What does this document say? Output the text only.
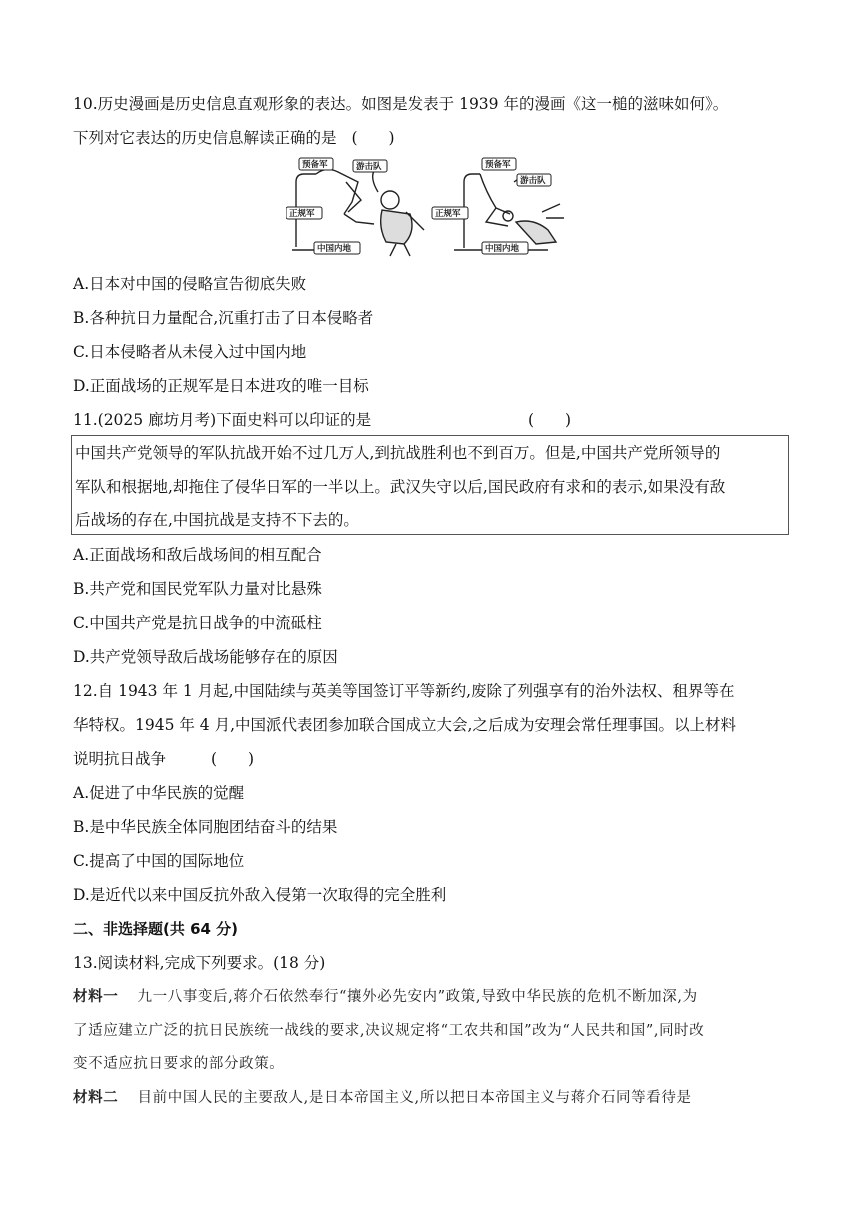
10.历史漫画是历史信息直观形象的表达。如图是发表于 1939 年的漫画《这一槌的滋味如何》。
下列对它表达的历史信息解读正确的是 (　　)
预备军	游击队
正规军
中国内地
预备军
游击队
正规军
中国内地
A.日本对中国的侵略宣告彻底失败
B.各种抗日力量配合,沉重打击了日本侵略者
C.日本侵略者从未侵入过中国内地
D.正面战场的正规军是日本进攻的唯一目标
11.(2025 廊坊月考)下面史料可以印证的是	(　　)
中国共产党领导的军队抗战开始不过几万人,到抗战胜利也不到百万。但是,中国共产党所领导的
军队和根据地,却拖住了侵华日军的一半以上。武汉失守以后,国民政府有求和的表示,如果没有敌
后战场的存在,中国抗战是支持不下去的。
A.正面战场和敌后战场间的相互配合
B.共产党和国民党军队力量对比悬殊
C.中国共产党是抗日战争的中流砥柱
D.共产党领导敌后战场能够存在的原因
12.自 1943 年 1 月起,中国陆续与英美等国签订平等新约,废除了列强享有的治外法权、租界等在
华特权。1945 年 4 月,中国派代表团参加联合国成立大会,之后成为安理会常任理事国。以上材料
说明抗日战争	(　　)
A.促进了中华民族的觉醒
B.是中华民族全体同胞团结奋斗的结果
C.提高了中国的国际地位
D.是近代以来中国反抗外敌入侵第一次取得的完全胜利
二、非选择题(共 64 分)
13.阅读材料,完成下列要求。(18 分)
材料一 九一八事变后,蒋介石依然奉行“攘外必先安内”政策,导致中华民族的危机不断加深,为
了适应建立广泛的抗日民族统一战线的要求,决议规定将“工农共和国”改为“人民共和国”,同时改
变不适应抗日要求的部分政策。
材料二 目前中国人民的主要敌人,是日本帝国主义,所以把日本帝国主义与蒋介石同等看待是
